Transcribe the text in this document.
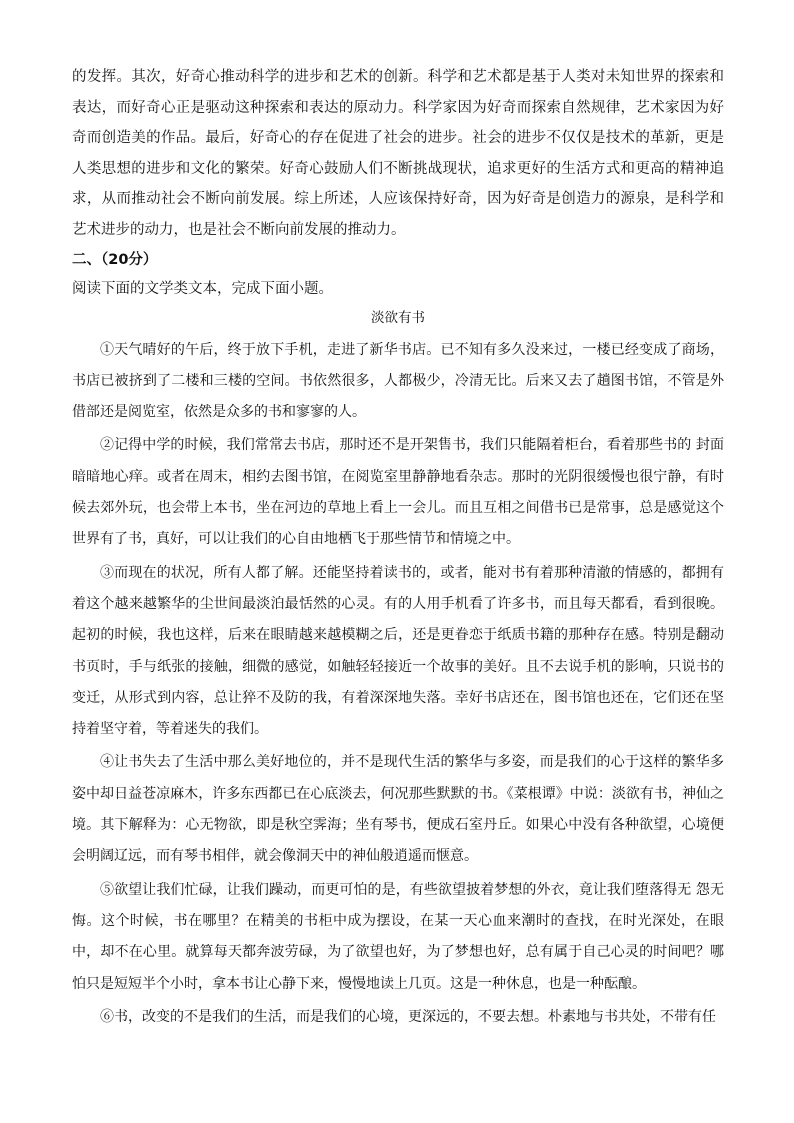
的发挥。其次，好奇心推动科学的进步和艺术的创新。科学和艺术都是基于人类对未知世界的探索和表达，而好奇心正是驱动这种探索和表达的原动力。科学家因为好奇而探索自然规律，艺术家因为好奇而创造美的作品。最后，好奇心的存在促进了社会的进步。社会的进步不仅仅是技术的革新，更是人类思想的进步和文化的繁荣。好奇心鼓励人们不断挑战现状，追求更好的生活方式和更高的精神追求，从而推动社会不断向前发展。综上所述，人应该保持好奇，因为好奇是创造力的源泉，是科学和艺术进步的动力，也是社会不断向前发展的推动力。

二、（20分）

阅读下面的文学类文本，完成下面小题。

淡欲有书

①天气晴好的午后，终于放下手机，走进了新华书店。已不知有多久没来过，一楼已经变成了商场，书店已被挤到了二楼和三楼的空间。书依然很多，人都极少，冷清无比。后来又去了趟图书馆，不管是外借部还是阅览室，依然是众多的书和寥寥的人。

②记得中学的时候，我们常常去书店，那时还不是开架售书，我们只能隔着柜台，看着那些书的 封面暗暗地心痒。或者在周末，相约去图书馆，在阅览室里静静地看杂志。那时的光阴很缓慢也很宁静，有时候去郊外玩，也会带上本书，坐在河边的草地上看上一会儿。而且互相之间借书已是常事，总是感觉这个世界有了书，真好，可以让我们的心自由地栖飞于那些情节和情境之中。

③而现在的状况，所有人都了解。还能坚持着读书的，或者，能对书有着那种清澈的情感的，都拥有着这个越来越繁华的尘世间最淡泊最恬然的心灵。有的人用手机看了许多书，而且每天都看，看到很晚。起初的时候，我也这样，后来在眼睛越来越模糊之后，还是更眷恋于纸质书籍的那种存在感。特别是翻动书页时，手与纸张的接触，细微的感觉，如触轻轻接近一个故事的美好。且不去说手机的影响，只说书的变迁，从形式到内容，总让猝不及防的我，有着深深地失落。幸好书店还在，图书馆也还在，它们还在坚持着坚守着，等着迷失的我们。

④让书失去了生活中那么美好地位的，并不是现代生活的繁华与多姿，而是我们的心于这样的繁华多姿中却日益苍凉麻木，许多东西都已在心底淡去，何况那些默默的书。《菜根谭》中说：淡欲有书，神仙之境。其下解释为：心无物欲，即是秋空霁海；坐有琴书，便成石室丹丘。如果心中没有各种欲望，心境便会明阔辽远，而有琴书相伴，就会像洞天中的神仙般逍遥而惬意。

⑤欲望让我们忙碌，让我们躁动，而更可怕的是，有些欲望披着梦想的外衣，竟让我们堕落得无 怨无悔。这个时候，书在哪里？在精美的书柜中成为摆设，在某一天心血来潮时的查找，在时光深处，在眼中，却不在心里。就算每天都奔波劳碌，为了欲望也好，为了梦想也好，总有属于自己心灵的时间吧？哪怕只是短短半个小时，拿本书让心静下来，慢慢地读上几页。这是一种休息，也是一种酝酿。

⑥书，改变的不是我们的生活，而是我们的心境，更深远的，不要去想。朴素地与书共处，不带有任
